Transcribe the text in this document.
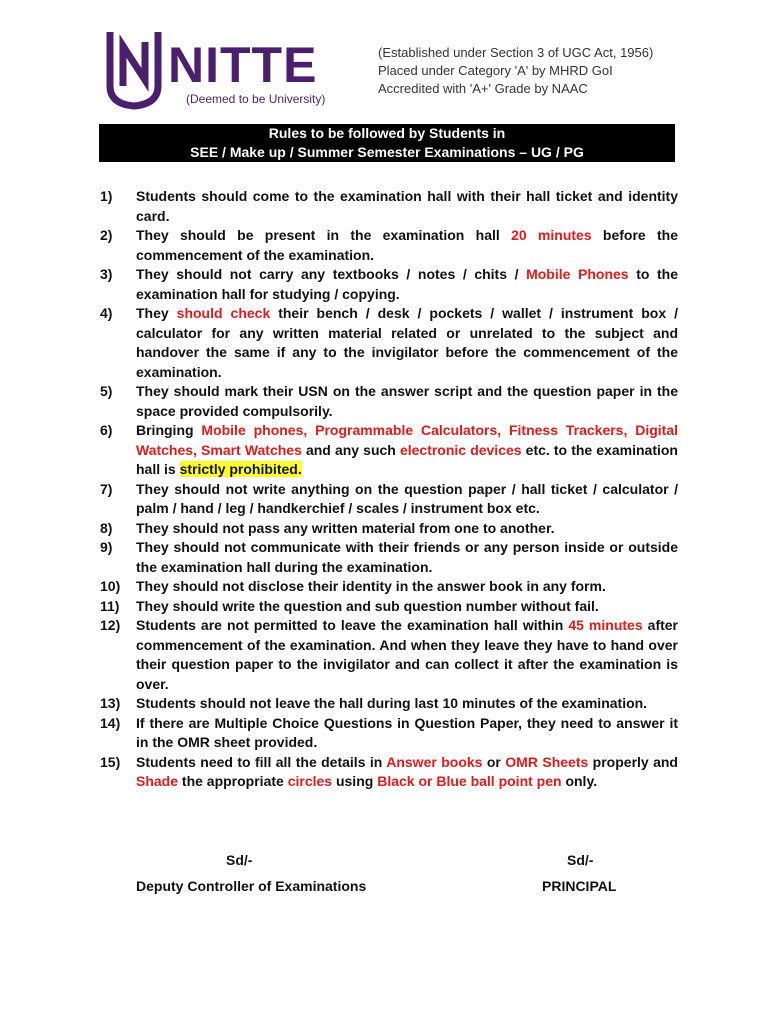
NITTE
(Deemed to be University)
(Established under Section 3 of UGC Act, 1956)
Placed under Category 'A' by MHRD GoI
Accredited with 'A+' Grade by NAAC
Rules to be followed by Students in
SEE / Make up / Summer Semester Examinations – UG / PG
1) Students should come to the examination hall with their hall ticket and identity card.
2) They should be present in the examination hall 20 minutes before the commencement of the examination.
3) They should not carry any textbooks / notes / chits / Mobile Phones to the examination hall for studying / copying.
4) They should check their bench / desk / pockets / wallet / instrument box / calculator for any written material related or unrelated to the subject and handover the same if any to the invigilator before the commencement of the examination.
5) They should mark their USN on the answer script and the question paper in the space provided compulsorily.
6) Bringing Mobile phones, Programmable Calculators, Fitness Trackers, Digital Watches, Smart Watches and any such electronic devices etc. to the examination hall is strictly prohibited.
7) They should not write anything on the question paper / hall ticket / calculator / palm / hand / leg / handkerchief / scales / instrument box etc.
8) They should not pass any written material from one to another.
9) They should not communicate with their friends or any person inside or outside the examination hall during the examination.
10) They should not disclose their identity in the answer book in any form.
11) They should write the question and sub question number without fail.
12) Students are not permitted to leave the examination hall within 45 minutes after commencement of the examination. And when they leave they have to hand over their question paper to the invigilator and can collect it after the examination is over.
13) Students should not leave the hall during last 10 minutes of the examination.
14) If there are Multiple Choice Questions in Question Paper, they need to answer it in the OMR sheet provided.
15) Students need to fill all the details in Answer books or OMR Sheets properly and Shade the appropriate circles using Black or Blue ball point pen only.
Sd/-
Deputy Controller of Examinations
Sd/-
PRINCIPAL
